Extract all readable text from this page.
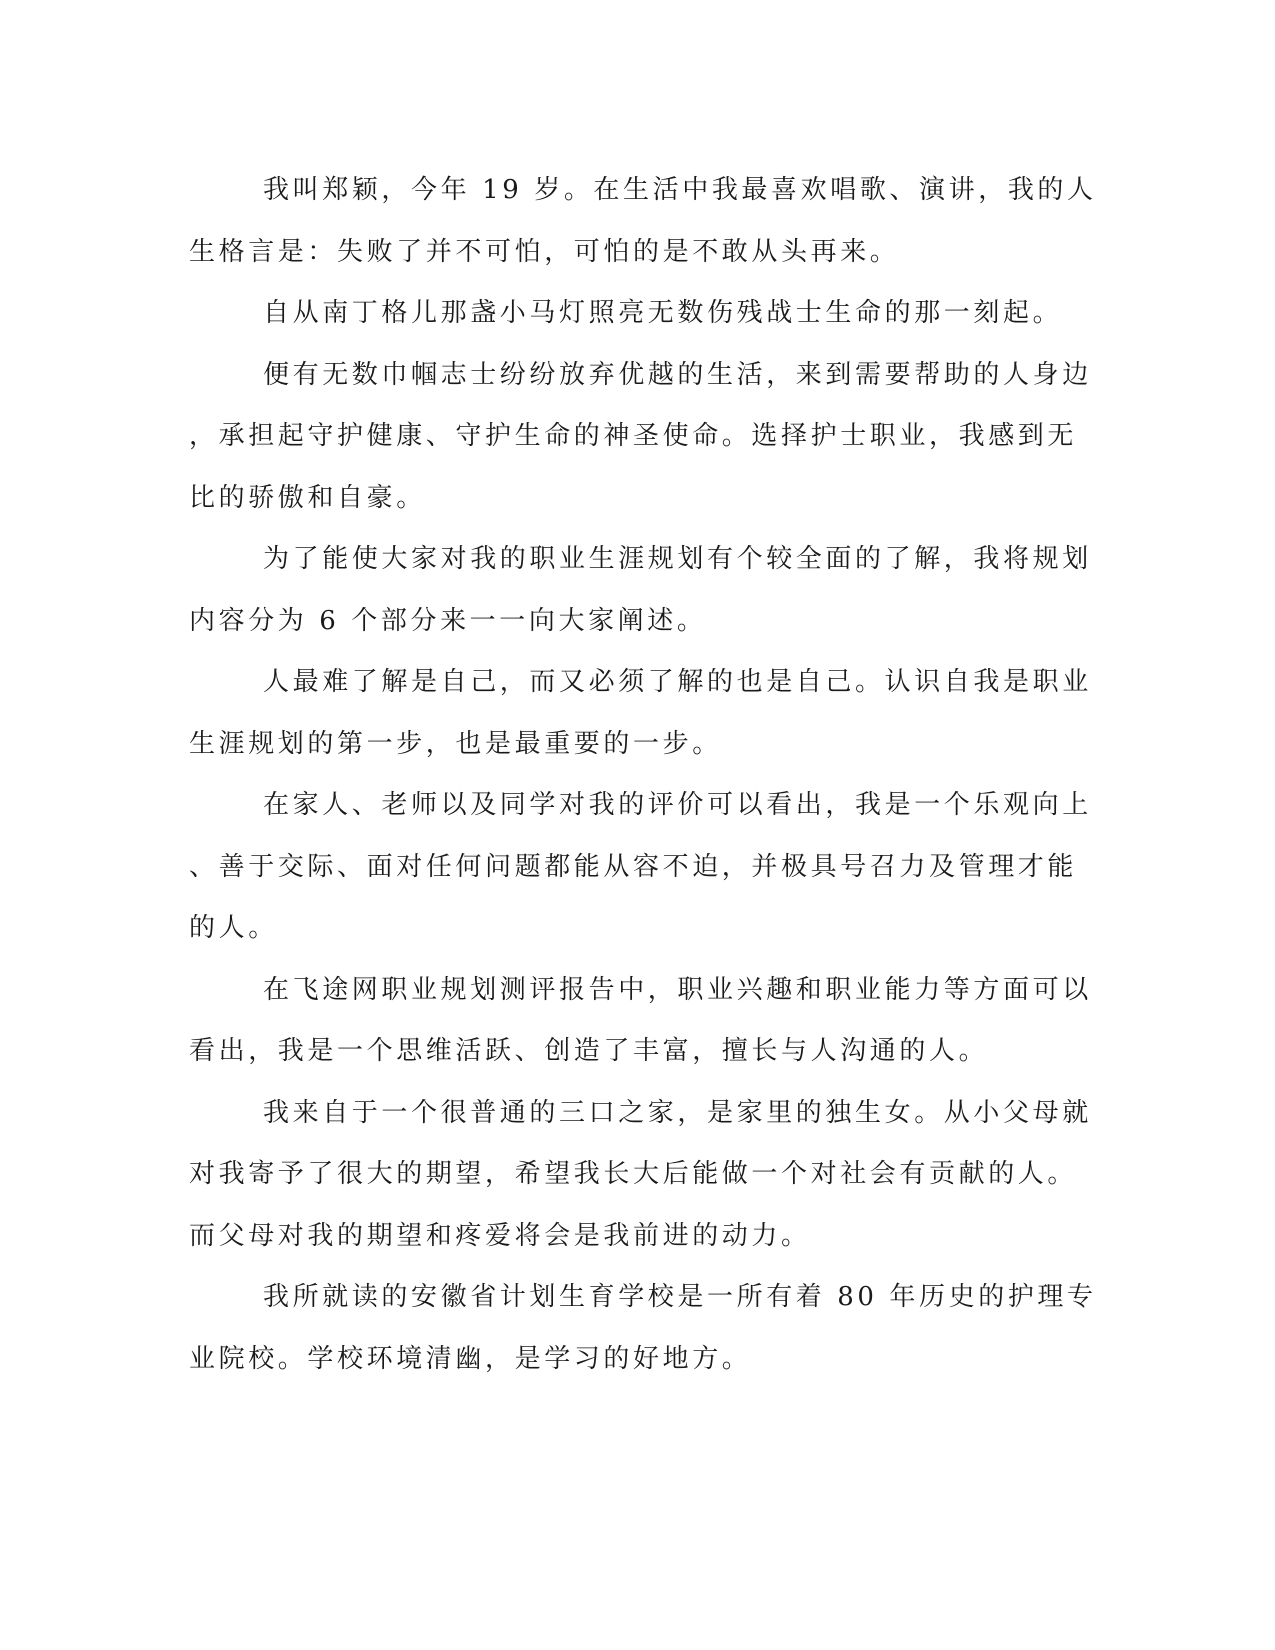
我叫郑颖，今年 19 岁。在生活中我最喜欢唱歌、演讲，我的人
生格言是：失败了并不可怕，可怕的是不敢从头再来。
自从南丁格儿那盏小马灯照亮无数伤残战士生命的那一刻起。
便有无数巾帼志士纷纷放弃优越的生活，来到需要帮助的人身边
，承担起守护健康、守护生命的神圣使命。选择护士职业，我感到无
比的骄傲和自豪。
为了能使大家对我的职业生涯规划有个较全面的了解，我将规划
内容分为 6 个部分来一一向大家阐述。
人最难了解是自己，而又必须了解的也是自己。认识自我是职业
生涯规划的第一步，也是最重要的一步。
在家人、老师以及同学对我的评价可以看出，我是一个乐观向上
、善于交际、面对任何问题都能从容不迫，并极具号召力及管理才能
的人。
在飞途网职业规划测评报告中，职业兴趣和职业能力等方面可以
看出，我是一个思维活跃、创造了丰富，擅长与人沟通的人。
我来自于一个很普通的三口之家，是家里的独生女。从小父母就
对我寄予了很大的期望，希望我长大后能做一个对社会有贡献的人。
而父母对我的期望和疼爱将会是我前进的动力。
我所就读的安徽省计划生育学校是一所有着 80 年历史的护理专
业院校。学校环境清幽，是学习的好地方。
